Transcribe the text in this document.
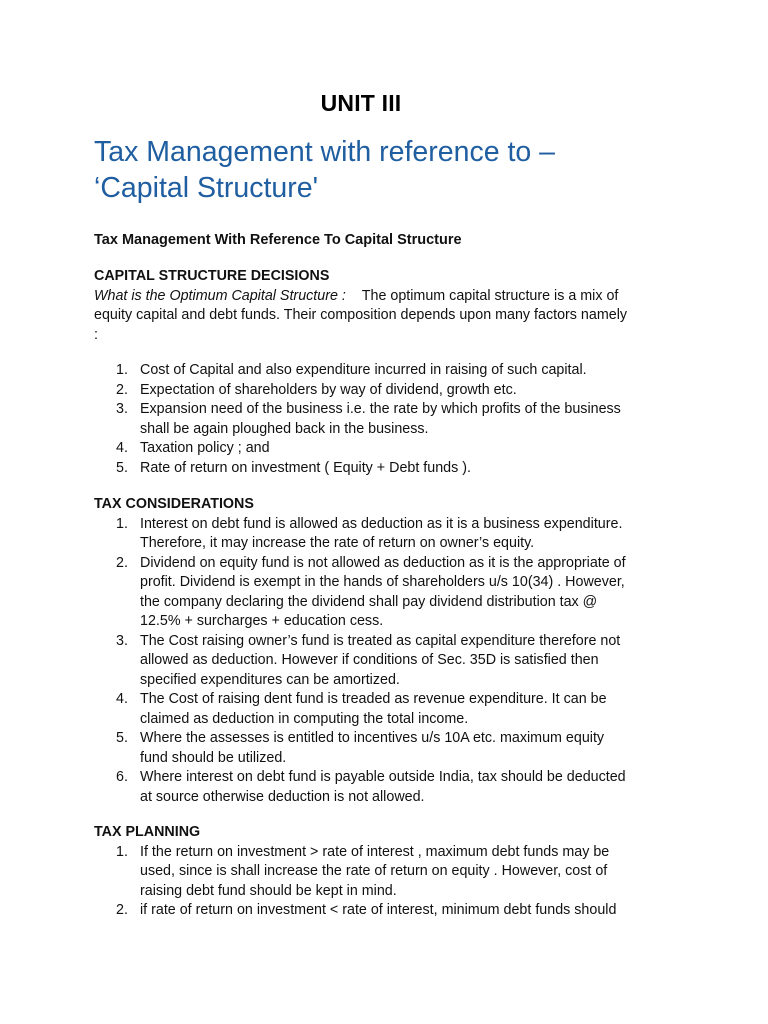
UNIT III
Tax Management with reference to –
‘Capital Structure'

Tax Management With Reference To Capital Structure

CAPITAL STRUCTURE DECISIONS

What is the Optimum Capital Structure : The optimum capital structure is a mix of
equity capital and debt funds. Their composition depends upon many factors namely
:

1. Cost of Capital and also expenditure incurred in raising of such capital.
2. Expectation of shareholders by way of dividend, growth etc.
3. Expansion need of the business i.e. the rate by which profits of the business
shall be again ploughed back in the business.
4. Taxation policy ; and
5. Rate of return on investment ( Equity + Debt funds ).

TAX CONSIDERATIONS

1. Interest on debt fund is allowed as deduction as it is a business expenditure.
Therefore, it may increase the rate of return on owner’s equity.
2. Dividend on equity fund is not allowed as deduction as it is the appropriate of
profit. Dividend is exempt in the hands of shareholders u/s 10(34) . However,
the company declaring the dividend shall pay dividend distribution tax @
12.5% + surcharges + education cess.
3. The Cost raising owner’s fund is treated as capital expenditure therefore not
allowed as deduction. However if conditions of Sec. 35D is satisfied then
specified expenditures can be amortized.
4. The Cost of raising dent fund is treaded as revenue expenditure. It can be
claimed as deduction in computing the total income.
5. Where the assesses is entitled to incentives u/s 10A etc. maximum equity
fund should be utilized.
6. Where interest on debt fund is payable outside India, tax should be deducted
at source otherwise deduction is not allowed.

TAX PLANNING

1. If the return on investment > rate of interest , maximum debt funds may be
used, since is shall increase the rate of return on equity . However, cost of
raising debt fund should be kept in mind.
2. if rate of return on investment < rate of interest, minimum debt funds should
